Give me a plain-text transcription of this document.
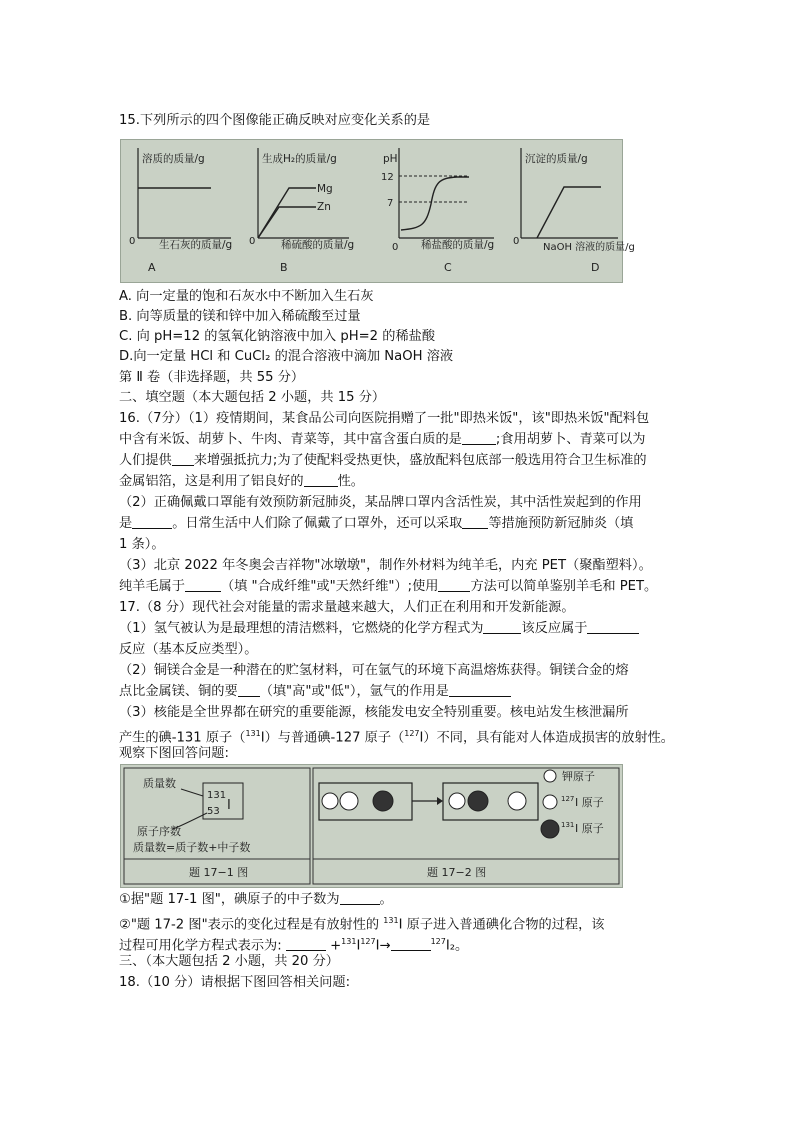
15.下列所示的四个图像能正确反映对应变化关系的是
溶质的质量/g
0 生石灰的质量/g
A
Mg
Zn
生成H₂的质量/g
0 稀硫酸的质量/g
B
pH
12
7
0 稀盐酸的质量/g
C
沉淀的质量/g
0
NaOH 溶液的质量/g
D
A. 向一定量的饱和石灰水中不断加入生石灰
B. 向等质量的镁和锌中加入稀硫酸至过量
C. 向 pH=12 的氢氧化钠溶液中加入 pH=2 的稀盐酸
D.向一定量 HCl 和 CuCl₂ 的混合溶液中滴加 NaOH 溶液
第 Ⅱ 卷（非选择题，共 55 分）
二、填空题（本大题包括 2 小题，共 15 分）
16.（7分）（1）疫情期间，某食品公司向医院捐赠了一批"即热米饭"，该"即热米饭"配料包
中含有米饭、胡萝卜、牛肉、青菜等，其中富含蛋白质的是	;食用胡萝卜、青菜可以为
人们提供 来增强抵抗力;为了使配料受热更快，盛放配料包底部一般选用符合卫生标准的
金属铝箔，这是利用了铝良好的	性。
（2）正确佩戴口罩能有效预防新冠肺炎，某品牌口罩内含活性炭，其中活性炭起到的作用
是	。日常生活中人们除了佩戴了口罩外，还可以采取 等措施预防新冠肺炎（填
1 条）。
（3）北京 2022 年冬奥会吉祥物"冰墩墩"，制作外材料为纯羊毛，内充 PET（聚酯塑料）。
纯羊毛属于	（填 "合成纤维"或"天然纤维"）;使用 方法可以简单鉴别羊毛和 PET。
17.（8 分）现代社会对能量的需求量越来越大，人们正在利用和开发新能源。
（1）氢气被认为是最理想的清洁燃料，它燃烧的化学方程式为	该反应属于
反应（基本反应类型）。
（2）铜镁合金是一种潜在的贮氢材料，可在氩气的环境下高温熔炼获得。铜镁合金的熔
点比金属镁、铜的要 （填"高"或"低"），氩气的作用是
（3）核能是全世界都在研究的重要能源，核能发电安全特别重要。核电站发生核泄漏所
产生的碘-131 原子（$^{131}$I）与普通碘-127 原子（$^{127}$I）不同，具有能对人体造成损害的放射性。
观察下图回答问题:
质量数
131
53 I
原子序数
质量数=质子数+中子数
题 17−1 图
钾原子
127 I 原子
131 I 原子
题 17−2 图
①据"题 17-1 图"，碘原子的中子数为	。
②"题 17-2 图"表示的变化过程是有放射性的 $^{131}$I 原子进入普通碘化合物的过程，该
过程可用化学方程式表示为:	$+^{131}I^{127}I\to$	$^{127}$I₂。
三、（本大题包括 2 小题，共 20 分）
18.（10 分）请根据下图回答相关问题:
